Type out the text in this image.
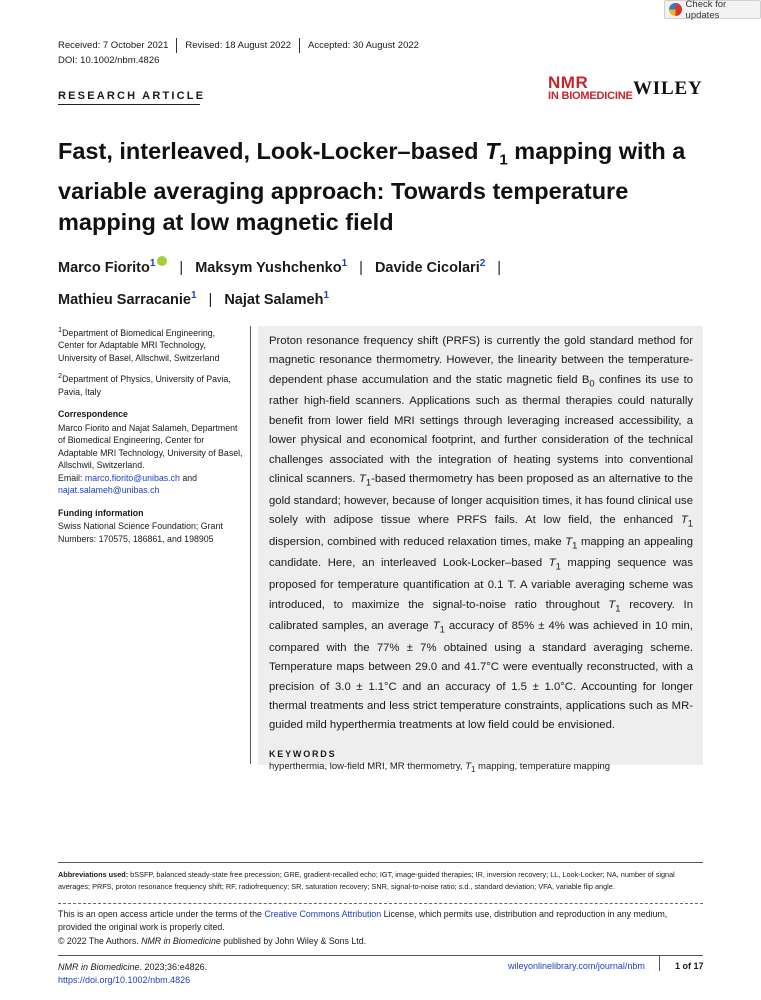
Check for updates
Received: 7 October 2021 Revised: 18 August 2022 Accepted: 30 August 2022
DOI: 10.1002/nbm.4826
RESEARCH ARTICLE
NMR
IN BIOMEDICINE WILEY
Fast, interleaved, Look-Locker–based $T_1$ mapping with a variable averaging approach: Towards temperature mapping at low magnetic field
Marco Fiorito$^1$ | Maksym Yushchenko$^1$ | Davide Cicolari$^2$ |
Mathieu Sarracanie$^1$ | Najat Salameh$^1$

$^1$Department of Biomedical Engineering, Center for Adaptable MRI Technology, University of Basel, Allschwil, Switzerland

$^2$Department of Physics, University of Pavia, Pavia, Italy

Correspondence

Marco Fiorito and Najat Salameh, Department of Biomedical Engineering, Center for Adaptable MRI Technology, University of Basel, Allschwil, Switzerland.
Email: marco.fiorito@unibas.ch and
najat.salameh@unibas.ch

Funding information

Swiss National Science Foundation; Grant Numbers: 170575, 186861, and 198905

Proton resonance frequency shift (PRFS) is currently the gold standard method for magnetic resonance thermometry. However, the linearity between the temperature-dependent phase accumulation and the static magnetic field $B_0$ confines its use to rather high-field scanners. Applications such as thermal therapies could naturally benefit from lower field MRI settings through leveraging increased accessibility, a lower physical and economical footprint, and further consideration of the technical challenges associated with the integration of heating systems into conventional clinical scanners. $T_1$-based thermometry has been proposed as an alternative to the gold standard; however, because of longer acquisition times, it has found clinical use solely with adipose tissue where PRFS fails. At low field, the enhanced $T_1$ dispersion, combined with reduced relaxation times, make $T_1$ mapping an appealing candidate. Here, an interleaved Look-Locker–based $T_1$ mapping sequence was proposed for temperature quantification at 0.1 T. A variable averaging scheme was introduced, to maximize the signal-to-noise ratio throughout $T_1$ recovery. In calibrated samples, an average $T_1$ accuracy of 85% ± 4% was achieved in 10 min, compared with the 77% ± 7% obtained using a standard averaging scheme. Temperature maps between 29.0 and 41.7°C were eventually reconstructed, with a precision of 3.0 ± 1.1°C and an accuracy of 1.5 ± 1.0°C. Accounting for longer thermal treatments and less strict temperature constraints, applications such as MR-guided mild hyperthermia treatments at low field could be envisioned.
KEYWORDS
hyperthermia, low-field MRI, MR thermometry, $T_1$ mapping, temperature mapping
Abbreviations used: bSSFP, balanced steady-state free precession; GRE, gradient-recalled echo; IGT, image-guided therapies; IR, inversion recovery; LL, Look-Locker; NA, number of signal averages; PRFS, proton resonance frequency shift; RF, radiofrequency; SR, saturation recovery; SNR, signal-to-noise ratio; s.d., standard deviation; VFA, variable flip angle.
This is an open access article under the terms of the Creative Commons Attribution License, which permits use, distribution and reproduction in any medium, provided the original work is properly cited.
© 2022 The Authors. NMR in Biomedicine published by John Wiley & Sons Ltd.
NMR in Biomedicine. 2023;36:e4826.
https://doi.org/10.1002/nbm.4826
wileyonlinelibrary.com/journal/nbm	1 of 17
